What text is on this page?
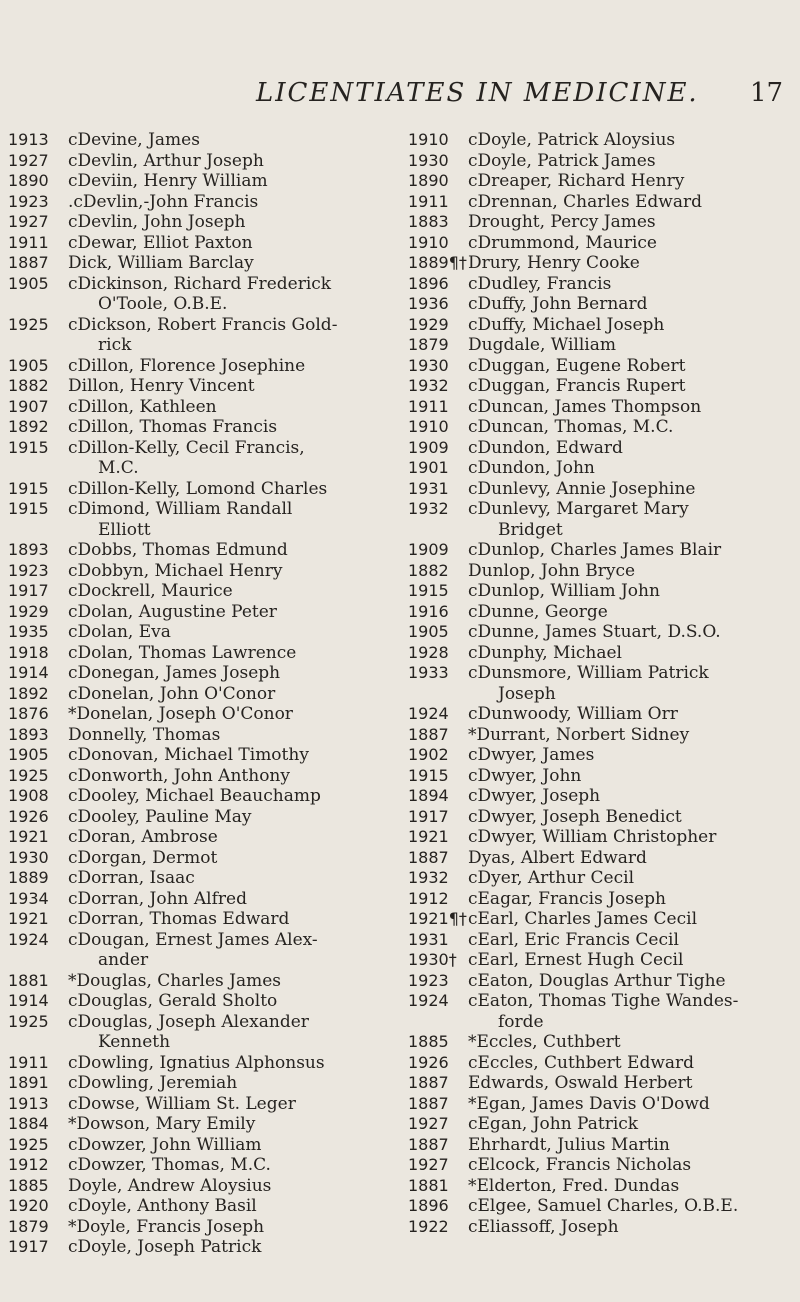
LICENTIATES IN MEDICINE. 17
1913 cDevine, James
1927 cDevlin, Arthur Joseph
1890 cDeviin, Henry William
1923 .cDevlin,-John Francis
1927 cDevlin, John Joseph
1911 cDewar, Elliot Paxton
1887 Dick, William Barclay
1905 cDickinson, Richard Frederick
O'Toole, O.B.E.
1925 cDickson, Robert Francis Gold-
rick
1905 cDillon, Florence Josephine
1882 Dillon, Henry Vincent
1907 cDillon, Kathleen
1892 cDillon, Thomas Francis
1915 cDillon-Kelly, Cecil Francis,
M.C.
1915 cDillon-Kelly, Lomond Charles
1915 cDimond, William Randall
Elliott
1893 cDobbs, Thomas Edmund
1923 cDobbyn, Michael Henry
1917 cDockrell, Maurice
1929 cDolan, Augustine Peter
1935 cDolan, Eva
1918 cDolan, Thomas Lawrence
1914 cDonegan, James Joseph
1892 cDonelan, John O'Conor
1876 *Donelan, Joseph O'Conor
1893 Donnelly, Thomas
1905 cDonovan, Michael Timothy
1925 cDonworth, John Anthony
1908 cDooley, Michael Beauchamp
1926 cDooley, Pauline May
1921 cDoran, Ambrose
1930 cDorgan, Dermot
1889 cDorran, Isaac
1934 cDorran, John Alfred
1921 cDorran, Thomas Edward
1924 cDougan, Ernest James Alex-
ander
1881 *Douglas, Charles James
1914 cDouglas, Gerald Sholto
1925 cDouglas, Joseph Alexander
Kenneth
1911 cDowling, Ignatius Alphonsus
1891 cDowling, Jeremiah
1913 cDowse, William St. Leger
1884 *Dowson, Mary Emily
1925 cDowzer, John William
1912 cDowzer, Thomas, M.C.
1885 Doyle, Andrew Aloysius
1920 cDoyle, Anthony Basil
1879 *Doyle, Francis Joseph
1917 cDoyle, Joseph Patrick
1910 cDoyle, Patrick Aloysius
1930 cDoyle, Patrick James
1890 cDreaper, Richard Henry
1911 cDrennan, Charles Edward
1883 Drought, Percy James
1910 cDrummond, Maurice
1889¶†Drury, Henry Cooke
1896 cDudley, Francis
1936 cDuffy, John Bernard
1929 cDuffy, Michael Joseph
1879 Dugdale, William
1930 cDuggan, Eugene Robert
1932 cDuggan, Francis Rupert
1911 cDuncan, James Thompson
1910 cDuncan, Thomas, M.C.
1909 cDundon, Edward
1901 cDundon, John
1931 cDunlevy, Annie Josephine
1932 cDunlevy, Margaret Mary
Bridget
1909 cDunlop, Charles James Blair
1882 Dunlop, John Bryce
1915 cDunlop, William John
1916 cDunne, George
1905 cDunne, James Stuart, D.S.O.
1928 cDunphy, Michael
1933 cDunsmore, William Patrick
Joseph
1924 cDunwoody, William Orr
1887 *Durrant, Norbert Sidney
1902 cDwyer, James
1915 cDwyer, John
1894 cDwyer, Joseph
1917 cDwyer, Joseph Benedict
1921 cDwyer, William Christopher
1887 Dyas, Albert Edward
1932 cDyer, Arthur Cecil
1912 cEagar, Francis Joseph
1921¶†cEarl, Charles James Cecil
1931 cEarl, Eric Francis Cecil
1930† cEarl, Ernest Hugh Cecil
1923 cEaton, Douglas Arthur Tighe
1924 cEaton, Thomas Tighe Wandes-
forde
1885 *Eccles, Cuthbert
1926 cEccles, Cuthbert Edward
1887 Edwards, Oswald Herbert
1887 *Egan, James Davis O'Dowd
1927 cEgan, John Patrick
1887 Ehrhardt, Julius Martin
1927 cElcock, Francis Nicholas
1881 *Elderton, Fred. Dundas
1896 cElgee, Samuel Charles, O.B.E.
1922 cEliassoff, Joseph
